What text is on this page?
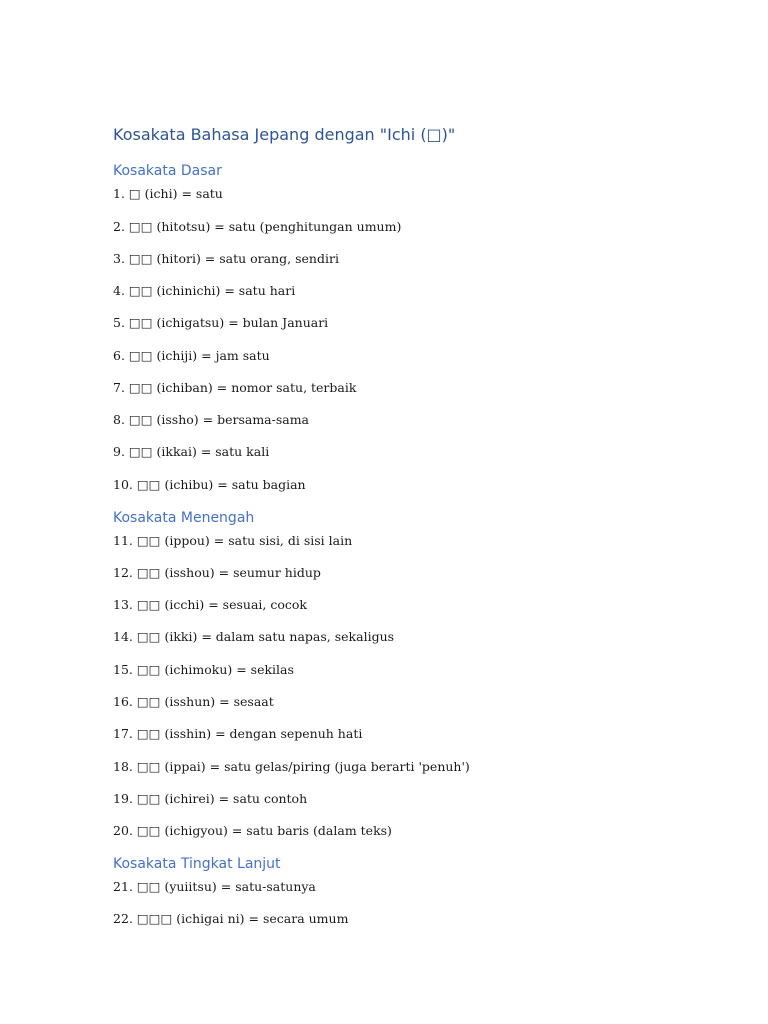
Kosakata Bahasa Jepang dengan "Ichi (□)"
Kosakata Dasar

1. □ (ichi) = satu

2. □□ (hitotsu) = satu (penghitungan umum)

3. □□ (hitori) = satu orang, sendiri

4. □□ (ichinichi) = satu hari

5. □□ (ichigatsu) = bulan Januari

6. □□ (ichiji) = jam satu

7. □□ (ichiban) = nomor satu, terbaik

8. □□ (issho) = bersama-sama

9. □□ (ikkai) = satu kali

10. □□ (ichibu) = satu bagian

Kosakata Menengah

11. □□ (ippou) = satu sisi, di sisi lain

12. □□ (isshou) = seumur hidup

13. □□ (icchi) = sesuai, cocok

14. □□ (ikki) = dalam satu napas, sekaligus

15. □□ (ichimoku) = sekilas

16. □□ (isshun) = sesaat

17. □□ (isshin) = dengan sepenuh hati

18. □□ (ippai) = satu gelas/piring (juga berarti 'penuh')

19. □□ (ichirei) = satu contoh

20. □□ (ichigyou) = satu baris (dalam teks)

Kosakata Tingkat Lanjut

21. □□ (yuiitsu) = satu-satunya

22. □□□ (ichigai ni) = secara umum
